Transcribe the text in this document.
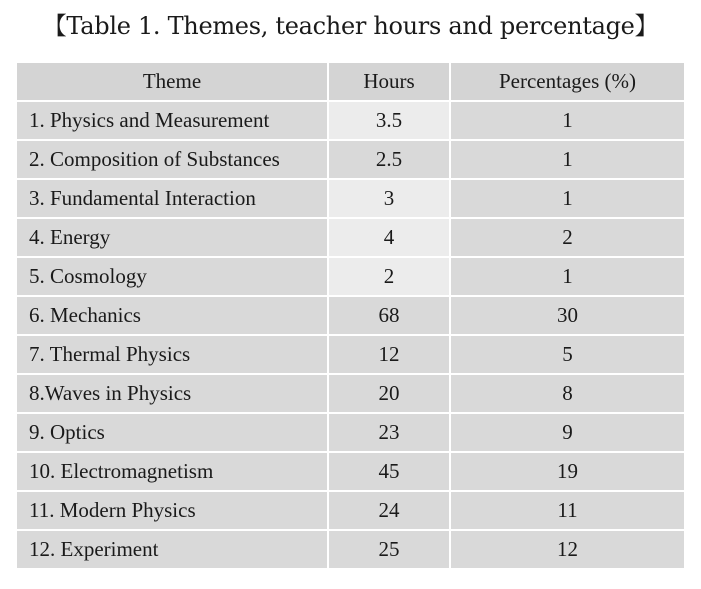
【Table 1. Themes, teacher hours and percentage】
Theme	Hours	Percentages (%)
1. Physics and Measurement	3.5	1
2. Composition of Substances	2.5	1
3. Fundamental Interaction	3	1
4. Energy	4	2
5. Cosmology	2	1
6. Mechanics	68	30
7. Thermal Physics	12	5
8.Waves in Physics	20	8
9. Optics	23	9
10. Electromagnetism	45	19
11. Modern Physics	24	11
12. Experiment	25	12
